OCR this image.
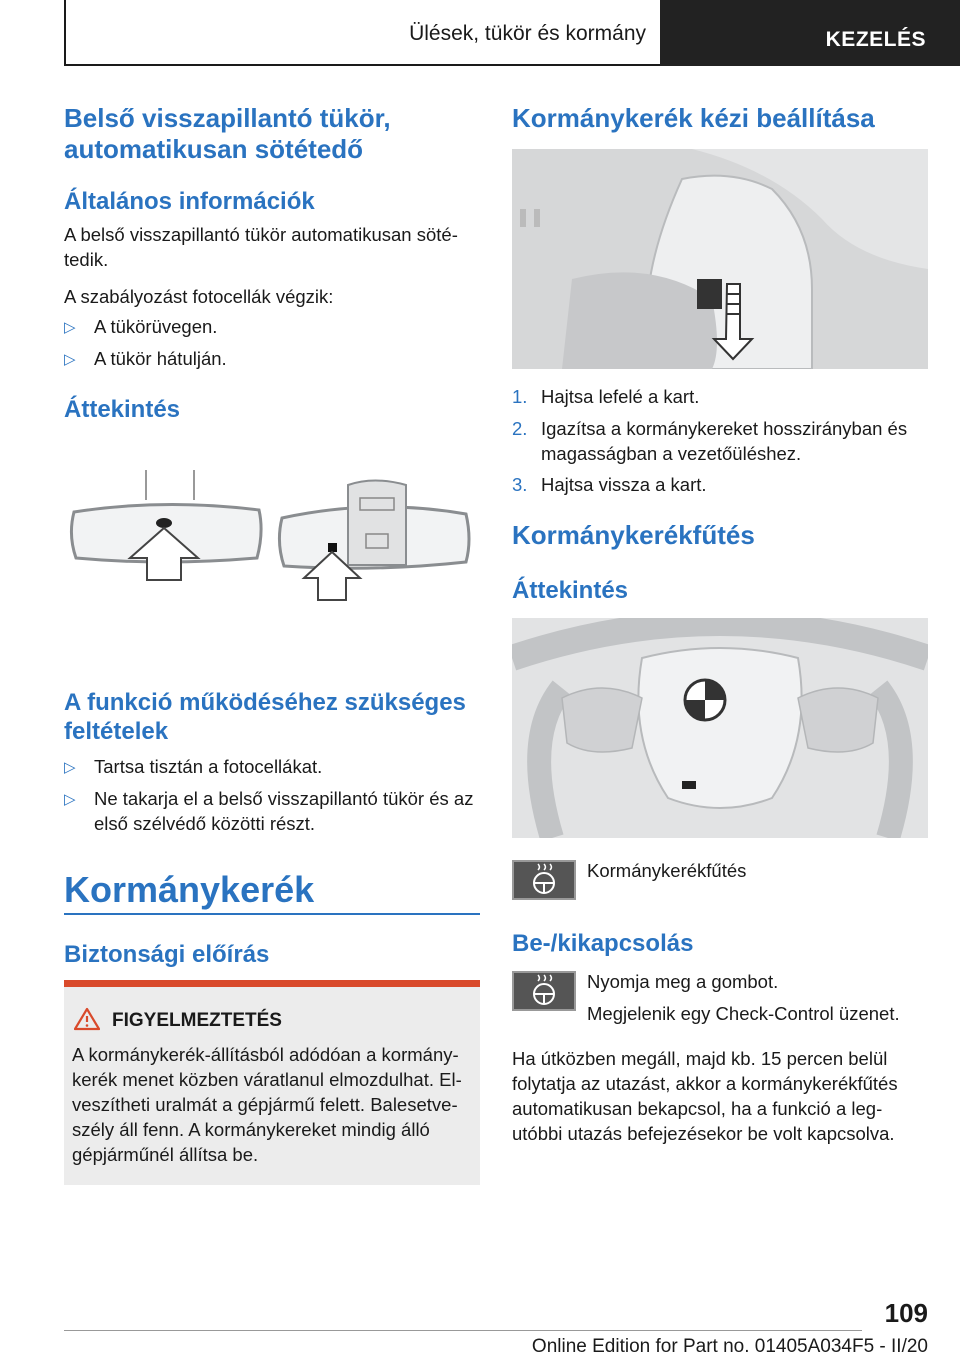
Ülések, tükör és kormány	KEZELÉS
Belső visszapillantó tükör, automatikusan sötétedő
Általános információk
A belső visszapillantó tükör automatikusan sötétedik.
A szabályozást fotocellák végzik:
▷ A tükörüvegen.
▷ A tükör hátulján.
Áttekintés
A funkció működéséhez szükséges feltételek
▷ Tartsa tisztán a fotocellákat.
▷ Ne takarja el a belső visszapillantó tükör és az első szélvédő közötti részt.
Kormánykerék
Biztonsági előírás
FIGYELMEZTETÉS
A kormánykerék-állításból adódóan a kormánykerék menet közben váratlanul elmozdulhat. Elveszítheti uralmát a gépjármű felett. Balesetveszély áll fenn. A kormánykereket mindig álló gépjárműnél állítsa be.
Kormánykerék kézi beállítása
1. Hajtsa lefelé a kart.
2. Igazítsa a kormánykereket hosszirányban és magasságban a vezetőüléshez.
3. Hajtsa vissza a kart.
Kormánykerékfűtés
Áttekintés
Kormánykerékfűtés
Be-/kikapcsolás
Nyomja meg a gombot.
Megjelenik egy Check-Control üzenet.
Ha útközben megáll, majd kb. 15 percen belül folytatja az utazást, akkor a kormánykerékfűtés automatikusan bekapcsol, ha a funkció a legutóbbi utazás befejezésekor be volt kapcsolva.
109
Online Edition for Part no. 01405A034F5 - II/20
